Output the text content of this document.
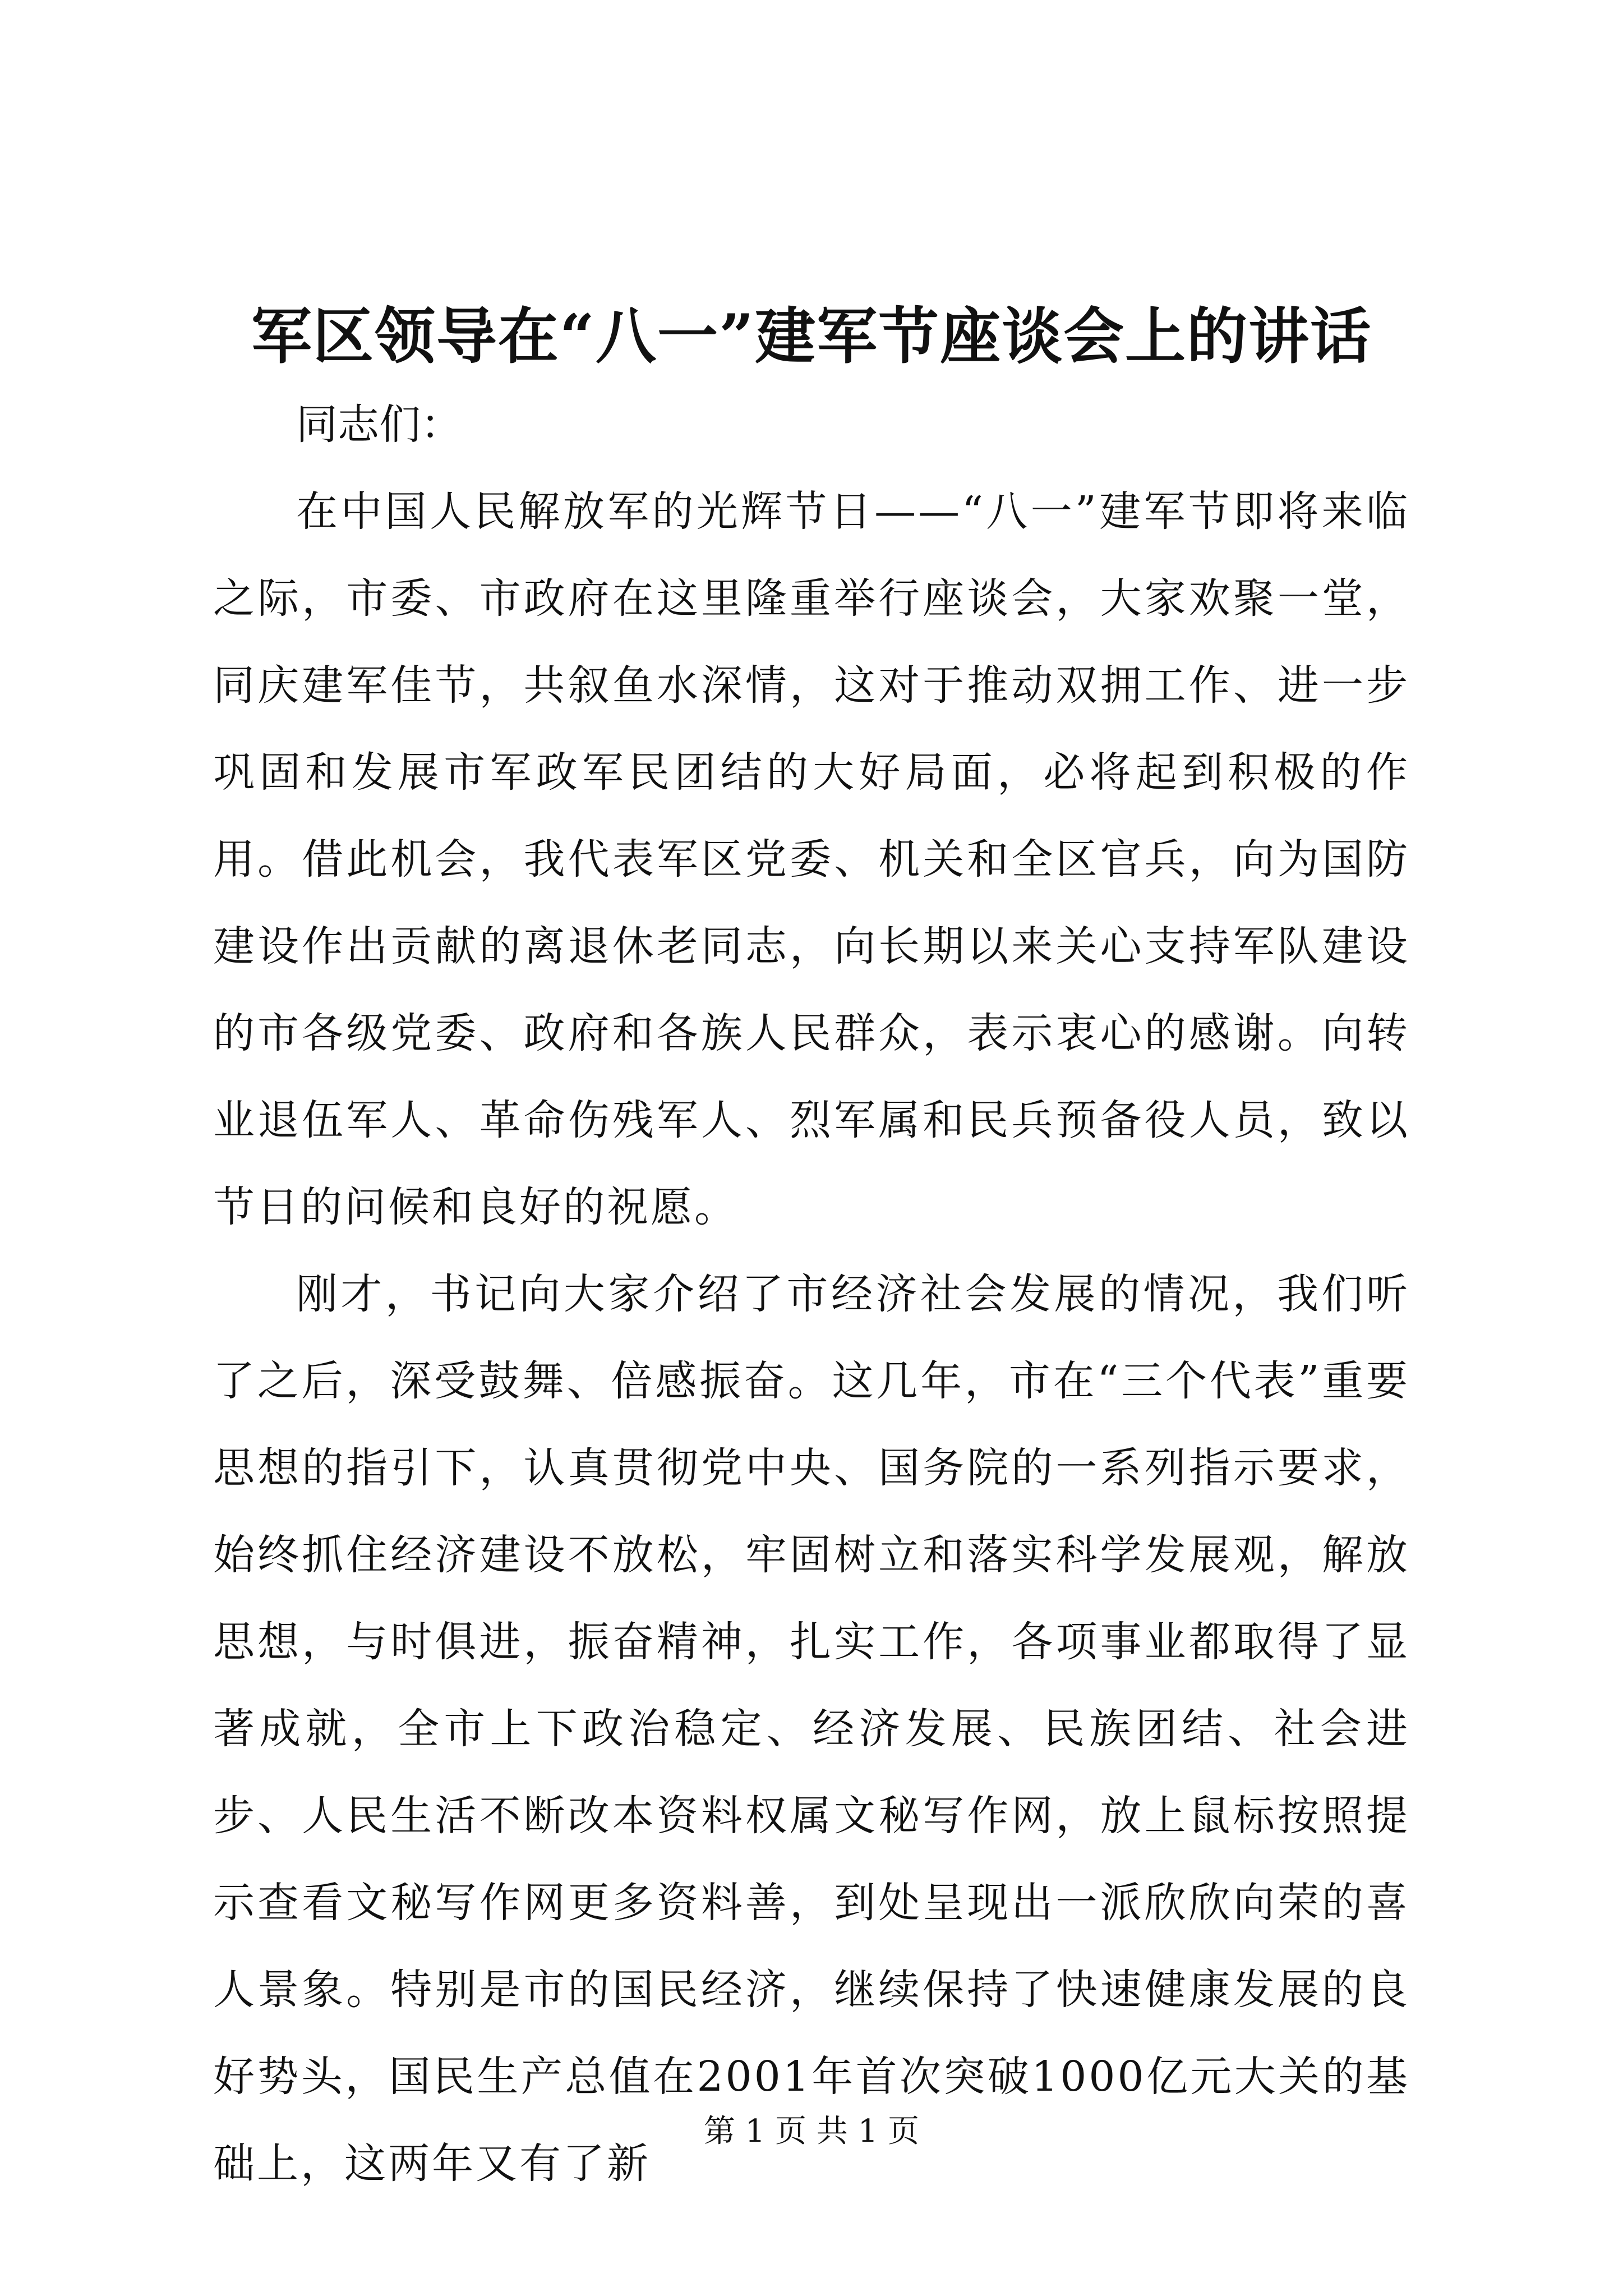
军区领导在“八一”建军节座谈会上的讲话

同志们：

在中国人民解放军的光辉节日——“八一”建军节即将来临之际，市委、市政府在这里隆重举行座谈会，大家欢聚一堂，同庆建军佳节，共叙鱼水深情，这对于推动双拥工作、进一步巩固和发展市军政军民团结的大好局面，必将起到积极的作用。借此机会，我代表军区党委、机关和全区官兵，向为国防建设作出贡献的离退休老同志，向长期以来关心支持军队建设的市各级党委、政府和各族人民群众，表示衷心的感谢。向转业退伍军人、革命伤残军人、烈军属和民兵预备役人员，致以节日的问候和良好的祝愿。

刚才，书记向大家介绍了市经济社会发展的情况，我们听了之后，深受鼓舞、倍感振奋。这几年，市在“三个代表”重要思想的指引下，认真贯彻党中央、国务院的一系列指示要求，始终抓住经济建设不放松，牢固树立和落实科学发展观，解放思想，与时俱进，振奋精神，扎实工作，各项事业都取得了显著成就，全市上下政治稳定、经济发展、民族团结、社会进步、人民生活不断改本资料权属文秘写作网，放上鼠标按照提示查看文秘写作网更多资料善，到处呈现出一派欣欣向荣的喜人景象。特别是市的国民经济，继续保持了快速健康发展的良好势头，国民生产总值在2001年首次突破1000亿元大关的基础上，这两年又有了新

第 1 页 共 1 页
